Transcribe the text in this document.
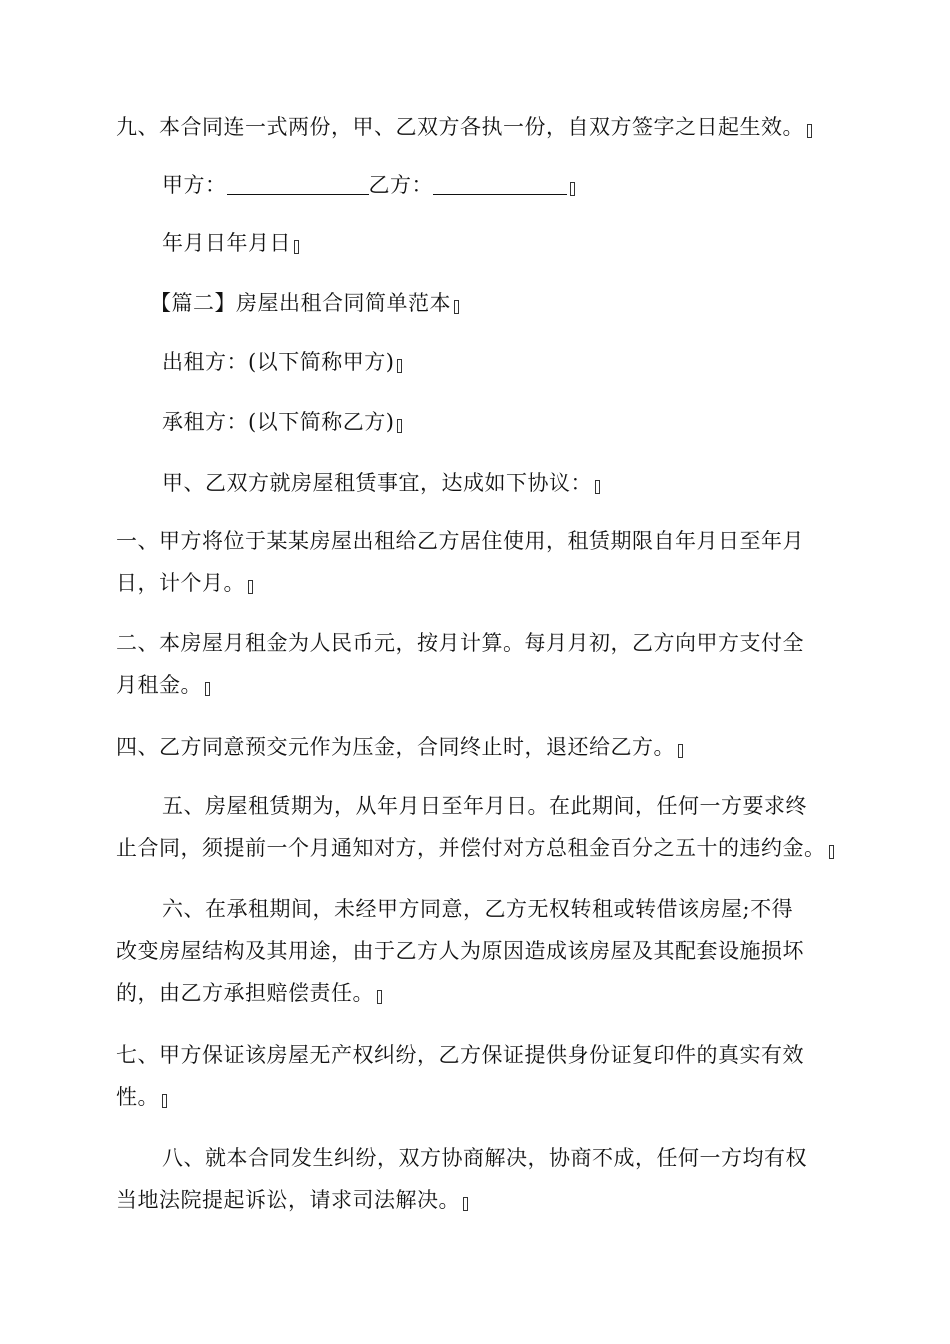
九、本合同连一式两份，甲、乙双方各执一份，自双方签字之日起生效。
甲方：	乙方：
年月日年月日
【篇二】房屋出租合同简单范本
出租方：(以下简称甲方)
承租方：(以下简称乙方)
甲、乙双方就房屋租赁事宜，达成如下协议：
一、甲方将位于某某房屋出租给乙方居住使用，租赁期限自年月日至年月
日，计个月。
二、本房屋月租金为人民币元，按月计算。每月月初，乙方向甲方支付全
月租金。
四、乙方同意预交元作为压金，合同终止时，退还给乙方。
五、房屋租赁期为，从年月日至年月日。在此期间，任何一方要求终
止合同，须提前一个月通知对方，并偿付对方总租金百分之五十的违约金。
六、在承租期间，未经甲方同意，乙方无权转租或转借该房屋;不得
改变房屋结构及其用途，由于乙方人为原因造成该房屋及其配套设施损坏
的，由乙方承担赔偿责任。
七、甲方保证该房屋无产权纠纷，乙方保证提供身份证复印件的真实有效
性。
八、就本合同发生纠纷，双方协商解决，协商不成，任何一方均有权
当地法院提起诉讼，请求司法解决。
